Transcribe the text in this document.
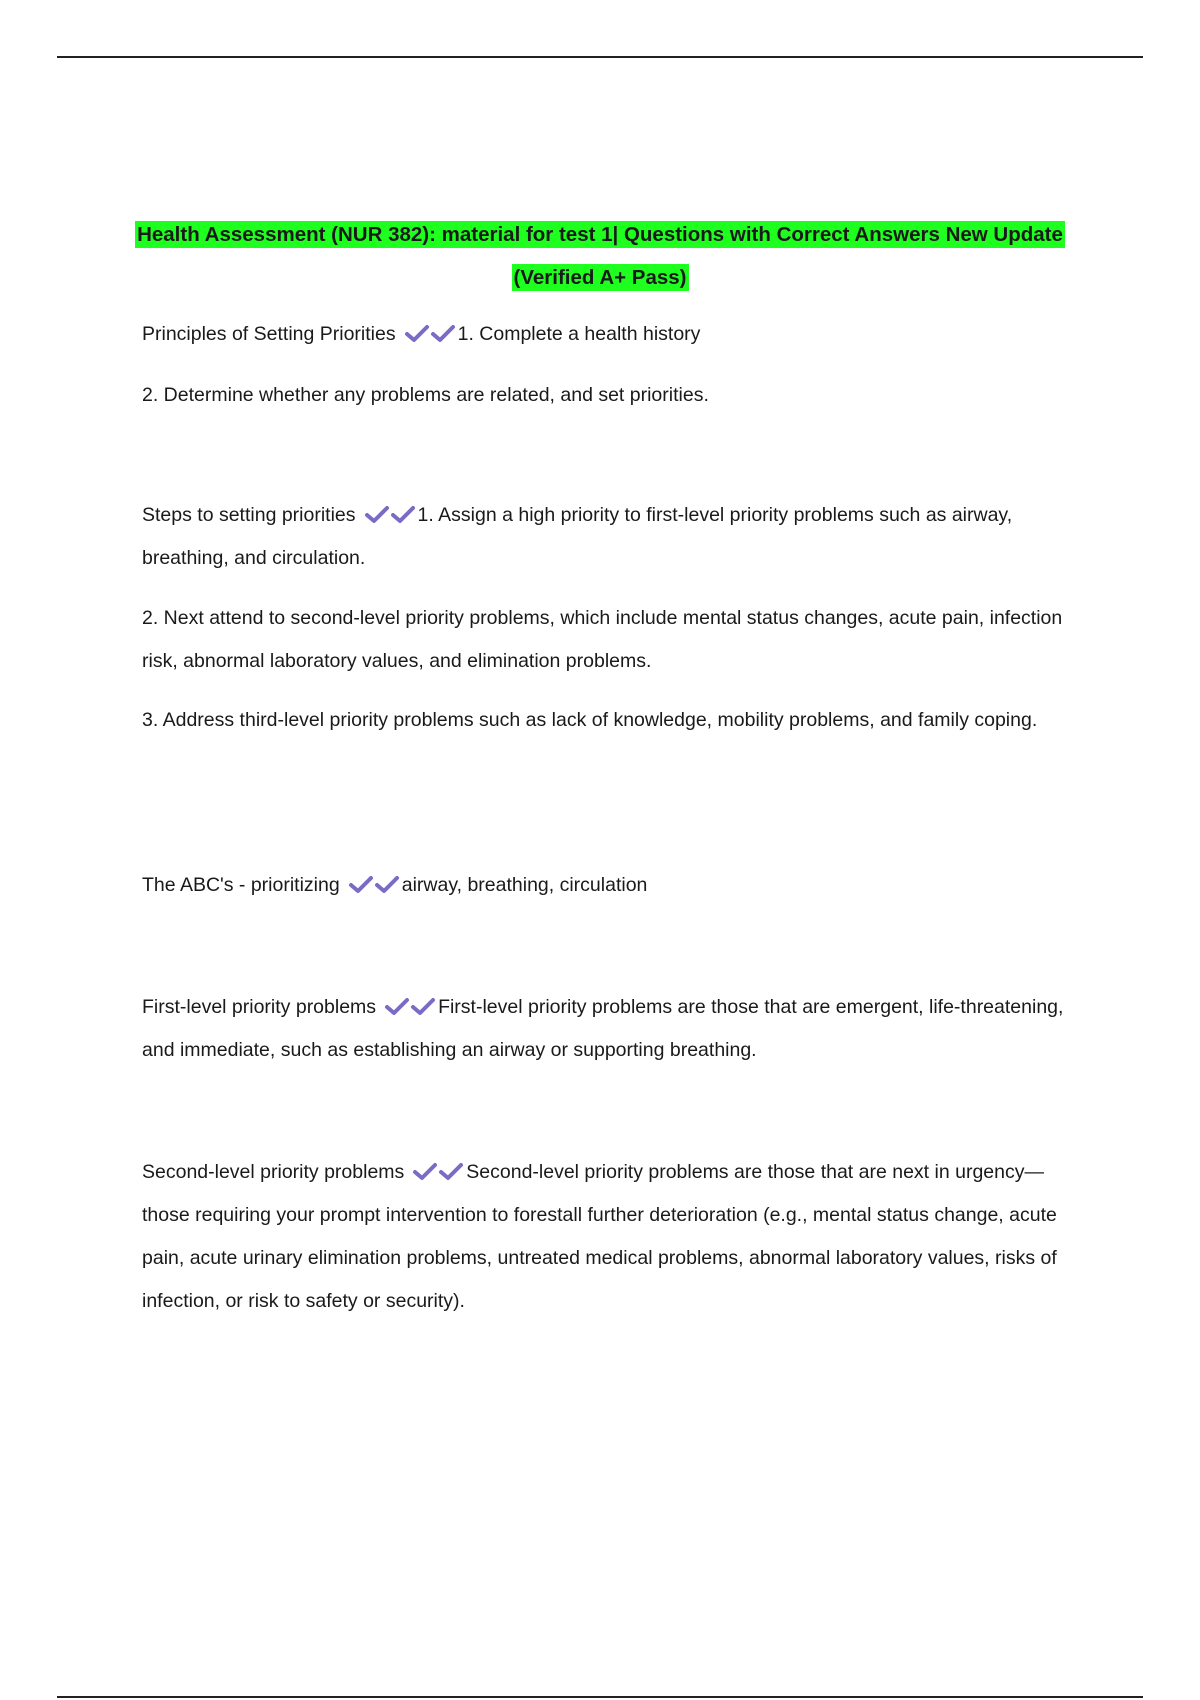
Health Assessment (NUR 382): material for test 1| Questions with Correct Answers New Update (Verified A+ Pass)

Principles of Setting Priorities	1. Complete a health history

2. Determine whether any problems are related, and set priorities.

Steps to setting priorities	1. Assign a high priority to first-level priority problems such as airway, breathing, and circulation.

2. Next attend to second-level priority problems, which include mental status changes, acute pain, infection risk, abnormal laboratory values, and elimination problems.

3. Address third-level priority problems such as lack of knowledge, mobility problems, and family coping.

The ABC's - prioritizing	airway, breathing, circulation

First-level priority problems	First-level priority problems are those that are emergent, life-threatening, and immediate, such as establishing an airway or supporting breathing.

Second-level priority problems	Second-level priority problems are those that are next in urgency—those requiring your prompt intervention to forestall further deterioration (e.g., mental status change, acute pain, acute urinary elimination problems, untreated medical problems, abnormal laboratory values, risks of infection, or risk to safety or security).
